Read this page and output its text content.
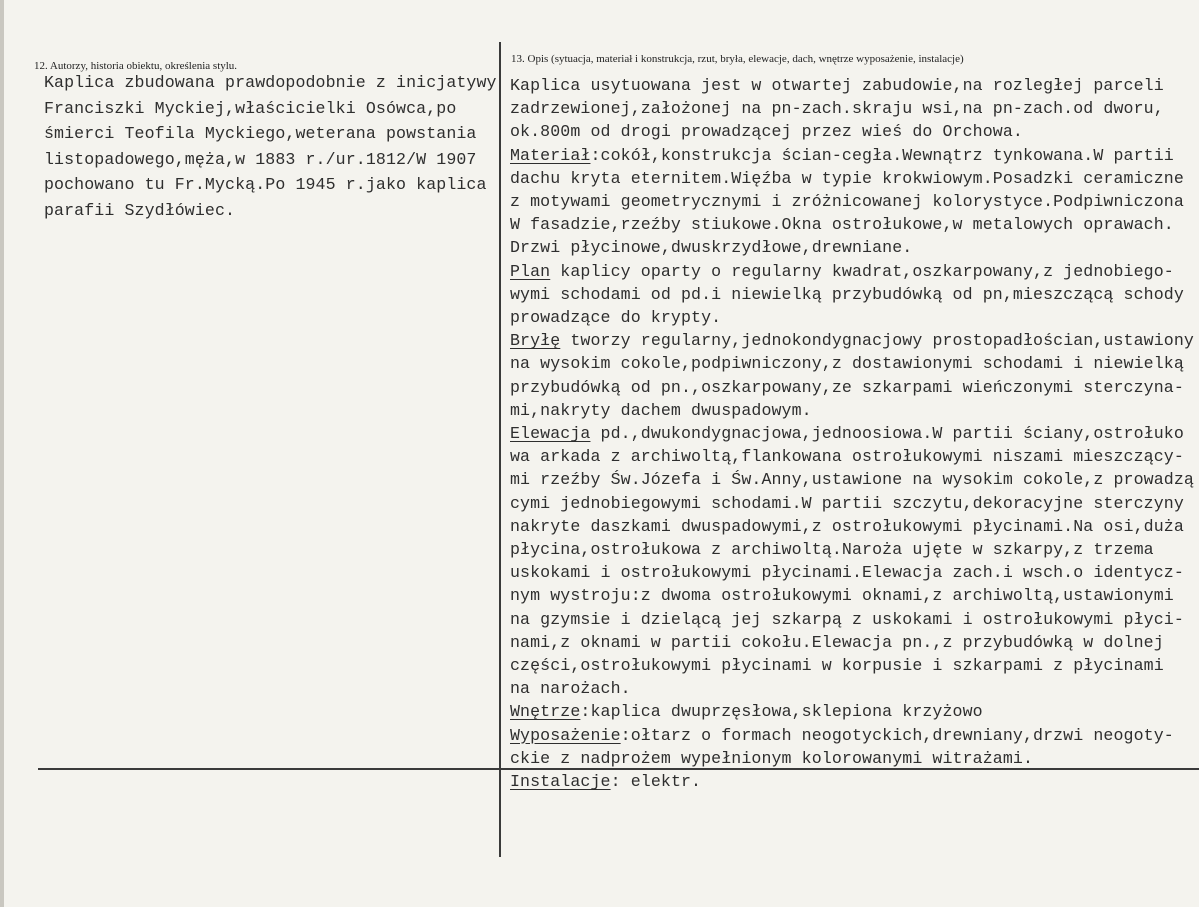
12. Autorzy, historia obiektu, określenia stylu.
Kaplica zbudowana prawdopodobnie z inicjatywy
Franciszki Myckiej,właścicielki Osówca,po
śmierci Teofila Myckiego,weterana powstania
listopadowego,męża,w 1883 r./ur.1812/W 1907
pochowano tu Fr.Mycką.Po 1945 r.jako kaplica
parafii Szydłówiec.
13. Opis (sytuacja, materiał i konstrukcja, rzut, bryła, elewacje, dach, wnętrze wyposażenie, instalacje)
Kaplica usytuowana jest w otwartej zabudowie,na rozległej parceli
zadrzewionej,założonej na pn-zach.skraju wsi,na pn-zach.od dworu,
ok.800m od drogi prowadzącej przez wieś do Orchowa.
Materiał:cokół,konstrukcja ścian-cegła.Wewnątrz tynkowana.W partii
dachu kryta eternitem.Więźba w typie krokwiowym.Posadzki ceramiczne
z motywami geometrycznymi i zróżnicowanej kolorystyce.Podpiwniczona
W fasadzie,rzeźby stiukowe.Okna ostrołukowe,w metalowych oprawach.
Drzwi płycinowe,dwuskrzydłowe,drewniane.
Plan kaplicy oparty o regularny kwadrat,oszkarpowany,z jednobiego-
wymi schodami od pd.i niewielką przybudówką od pn,mieszczącą schody
prowadzące do krypty.
Bryłę tworzy regularny,jednokondygnacjowy prostopadłościan,ustawiony
na wysokim cokole,podpiwniczony,z dostawionymi schodami i niewielką
przybudówką od pn.,oszkarpowany,ze szkarpami wieńczonymi sterczyna-
mi,nakryty dachem dwuspadowym.
Elewacja pd.,dwukondygnacjowa,jednoosiowa.W partii ściany,ostrołuko
wa arkada z archiwoltą,flankowana ostrołukowymi niszami mieszczący-
mi rzeźby Św.Józefa i Św.Anny,ustawione na wysokim cokole,z prowadzą
cymi jednobiegowymi schodami.W partii szczytu,dekoracyjne sterczyny
nakryte daszkami dwuspadowymi,z ostrołukowymi płycinami.Na osi,duża
płycina,ostrołukowa z archiwoltą.Naroża ujęte w szkarpy,z trzema
uskokami i ostrołukowymi płycinami.Elewacja zach.i wsch.o identycz-
nym wystroju:z dwoma ostrołukowymi oknami,z archiwoltą,ustawionymi
na gzymsie i dzielącą jej szkarpą z uskokami i ostrołukowymi płyci-
nami,z oknami w partii cokołu.Elewacja pn.,z przybudówką w dolnej
części,ostrołukowymi płycinami w korpusie i szkarpami z płycinami
na narożach.
Wnętrze:kaplica dwuprzęsłowa,sklepiona krzyżowo
Wyposażenie:ołtarz o formach neogotyckich,drewniany,drzwi neogoty-
ckie z nadprożem wypełnionym kolorowanymi witrażami.
Instalacje: elektr.
